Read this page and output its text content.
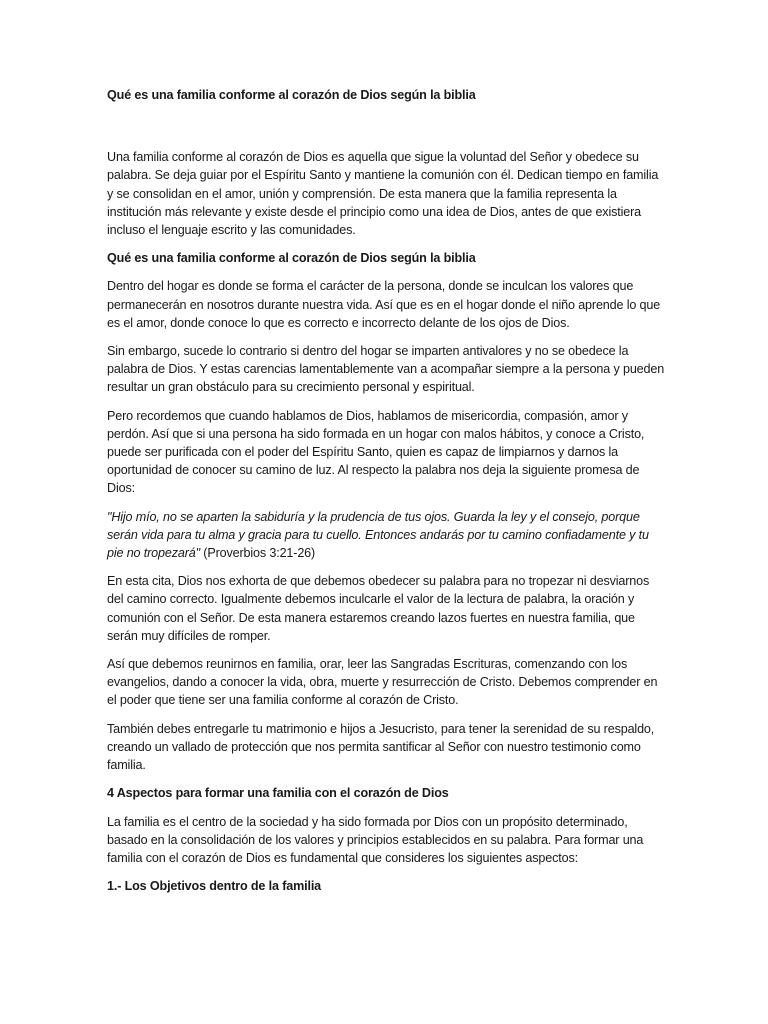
Qué es una familia conforme al corazón de Dios según la biblia

Una familia conforme al corazón de Dios es aquella que sigue la voluntad del Señor y obedece su palabra. Se deja guiar por el Espíritu Santo y mantiene la comunión con él. Dedican tiempo en familia y se consolidan en el amor, unión y comprensión. De esta manera que la familia representa la institución más relevante y existe desde el principio como una idea de Dios, antes de que existiera incluso el lenguaje escrito y las comunidades.

Qué es una familia conforme al corazón de Dios según la biblia

Dentro del hogar es donde se forma el carácter de la persona, donde se inculcan los valores que permanecerán en nosotros durante nuestra vida. Así que es en el hogar donde el niño aprende lo que es el amor, donde conoce lo que es correcto e incorrecto delante de los ojos de Dios.

Sin embargo, sucede lo contrario si dentro del hogar se imparten antivalores y no se obedece la palabra de Dios. Y estas carencias lamentablemente van a acompañar siempre a la persona y pueden resultar un gran obstáculo para su crecimiento personal y espiritual.

Pero recordemos que cuando hablamos de Dios, hablamos de misericordia, compasión, amor y perdón. Así que si una persona ha sido formada en un hogar con malos hábitos, y conoce a Cristo, puede ser purificada con el poder del Espíritu Santo, quien es capaz de limpiarnos y darnos la oportunidad de conocer su camino de luz. Al respecto la palabra nos deja la siguiente promesa de Dios:

"Hijo mío, no se aparten la sabiduría y la prudencia de tus ojos. Guarda la ley y el consejo, porque serán vida para tu alma y gracia para tu cuello. Entonces andarás por tu camino confiadamente y tu pie no tropezará" (Proverbios 3:21-26)

En esta cita, Dios nos exhorta de que debemos obedecer su palabra para no tropezar ni desviarnos del camino correcto. Igualmente debemos inculcarle el valor de la lectura de palabra, la oración y comunión con el Señor. De esta manera estaremos creando lazos fuertes en nuestra familia, que serán muy difíciles de romper.

Así que debemos reunirnos en familia, orar, leer las Sangradas Escrituras, comenzando con los evangelios, dando a conocer la vida, obra, muerte y resurrección de Cristo. Debemos comprender en el poder que tiene ser una familia conforme al corazón de Cristo.

También debes entregarle tu matrimonio e hijos a Jesucristo, para tener la serenidad de su respaldo, creando un vallado de protección que nos permita santificar al Señor con nuestro testimonio como familia.

4 Aspectos para formar una familia con el corazón de Dios

La familia es el centro de la sociedad y ha sido formada por Dios con un propósito determinado, basado en la consolidación de los valores y principios establecidos en su palabra. Para formar una familia con el corazón de Dios es fundamental que consideres los siguientes aspectos:

1.- Los Objetivos dentro de la familia
